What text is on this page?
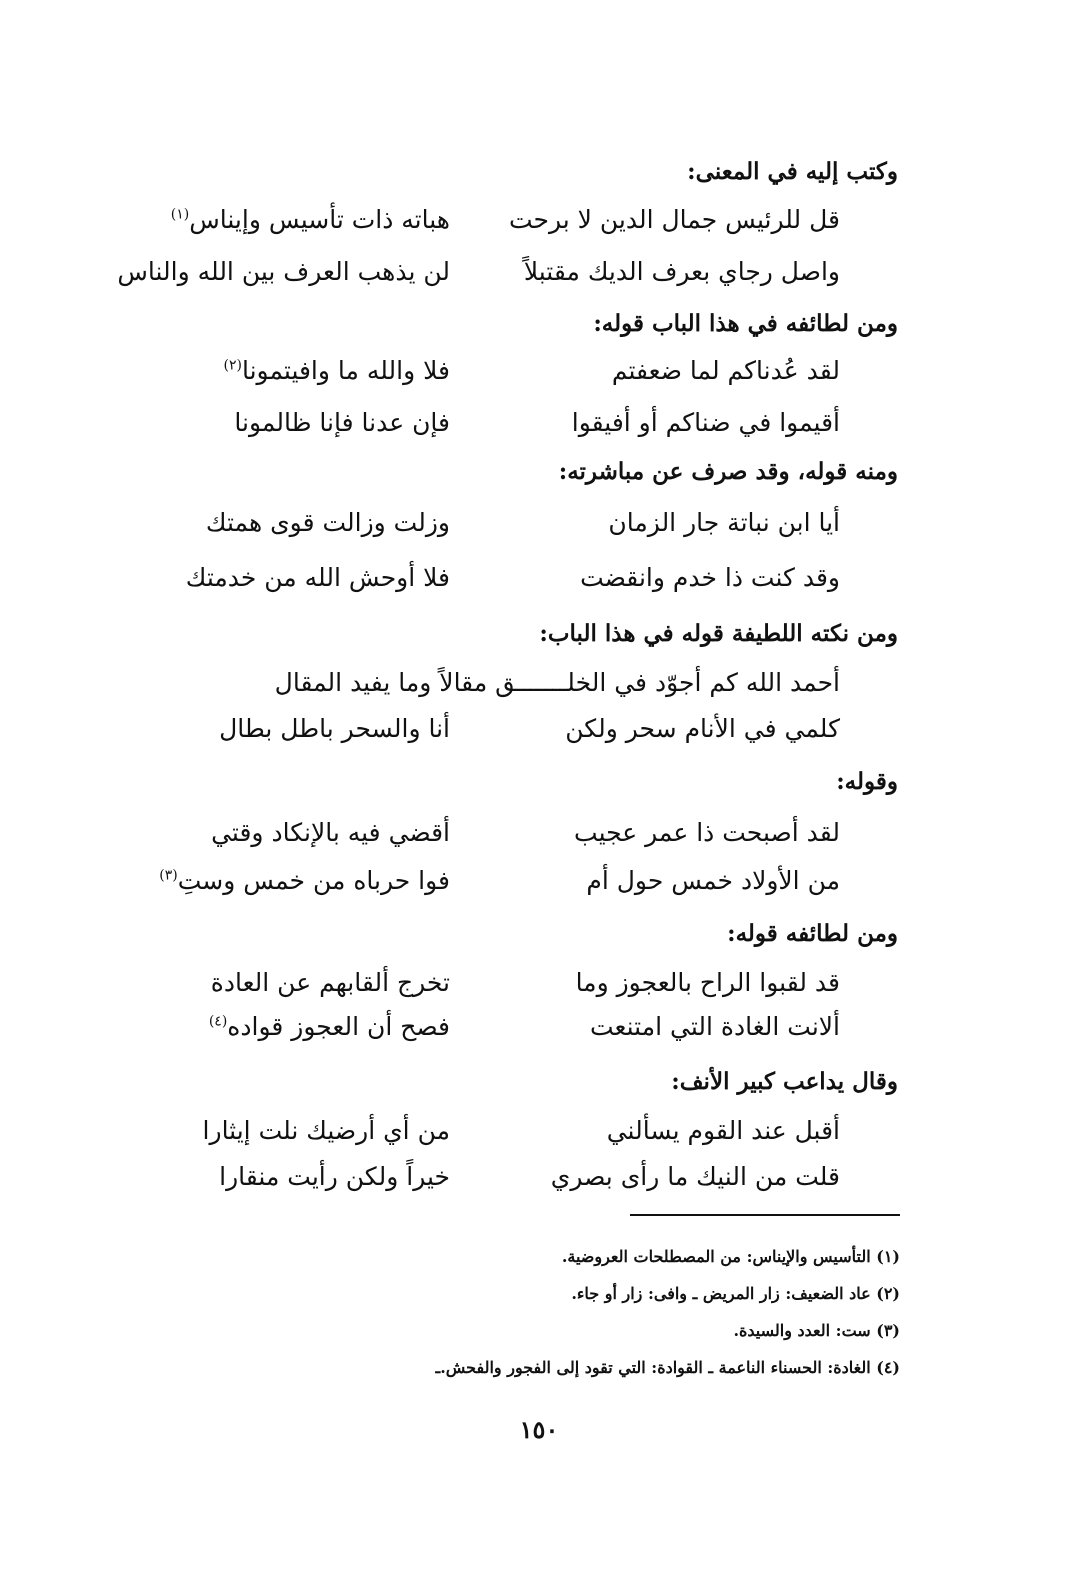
وكتب إليه في المعنى:
قل للرئيس جمال الدين لا برحت
هباته ذات تأسيس وإيناس$^{(١)}$
واصل رجاي بعرف الديك مقتبلاً
لن يذهب العرف بين الله والناس
ومن لطائفه في هذا الباب قوله:
لقد عُدناكم لما ضعفتم
فلا والله ما وافيتمونا$^{(٢)}$
أقيموا في ضناكم أو أفيقوا
فإن عدنا فإنا ظالمونا
ومنه قوله، وقد صرف عن مباشرته:
أيا ابن نباتة جار الزمان
وزلت وزالت قوى همتك
وقد كنت ذا خدم وانقضت
فلا أوحش الله من خدمتك
ومن نكته اللطيفة قوله في هذا الباب:
أحمد الله كم أجوّد في الخلـــــــق مقالاً وما يفيد المقال
كلمي في الأنام سحر ولكن
أنا والسحر باطل بطال
وقوله:
لقد أصبحت ذا عمر عجيب
أقضي فيه بالإنكاد وقتي
من الأولاد خمس حول أم
فوا حرباه من خمس وستِ$^{(٣)}$
ومن لطائفه قوله:
قد لقبوا الراح بالعجوز وما
تخرج ألقابهم عن العادة
ألانت الغادة التي امتنعت
فصح أن العجوز قواده$^{(٤)}$
وقال يداعب كبير الأنف:
أقبل عند القوم يسألني
من أي أرضيك نلت إيثارا
قلت من النيك ما رأى بصري
خيراً ولكن رأيت منقارا
(١) التأسيس والإيناس: من المصطلحات العروضية.
(٢) عاد الضعيف: زار المريض ـ وافى: زار أو جاء.
(٣) ست: العدد والسيدة.
(٤) الغادة: الحسناء الناعمة ـ القوادة: التي تقود إلى الفجور والفحش.ـ
١٥٠
